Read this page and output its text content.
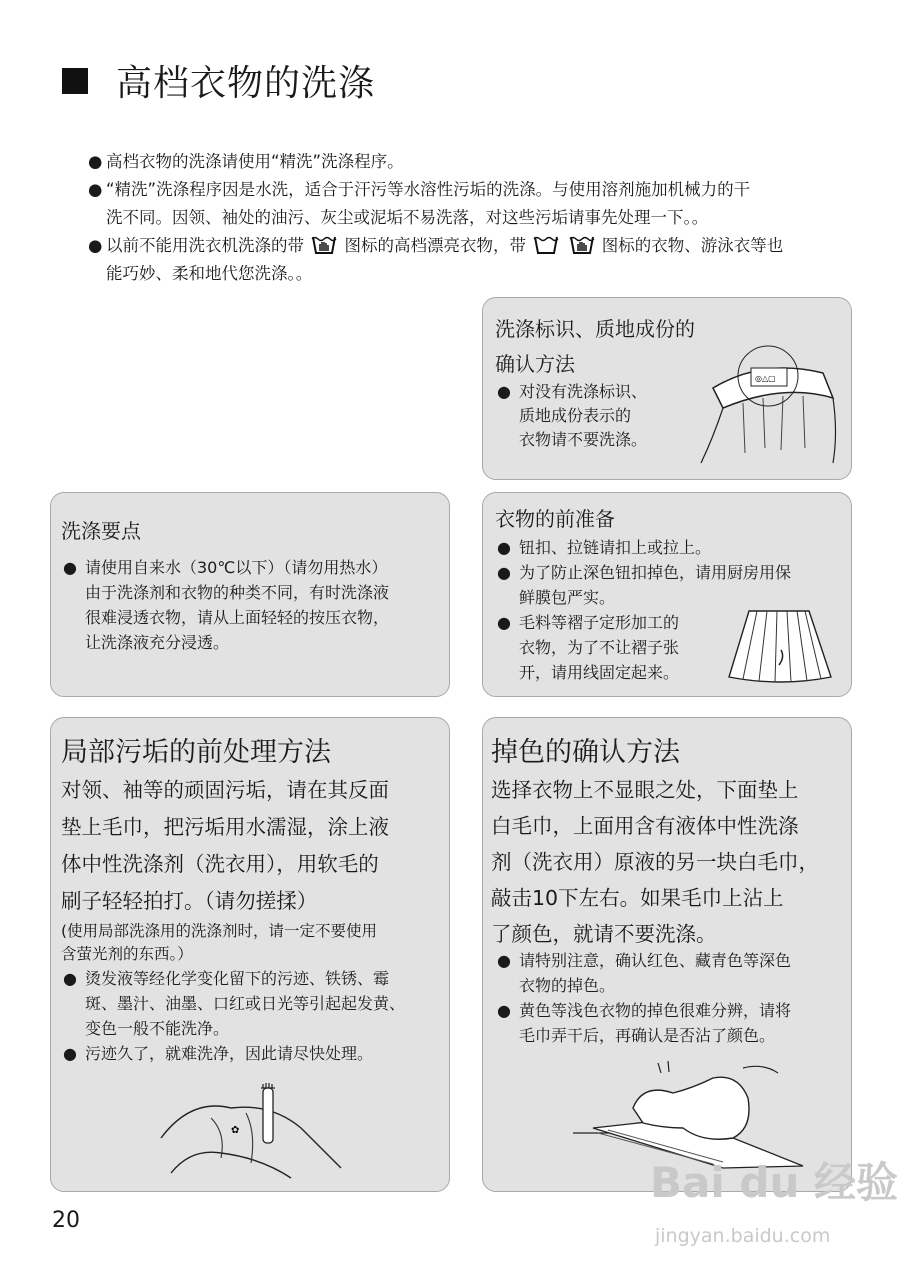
高档衣物的洗涤
● 高档衣物的洗涤请使用“精洗”洗涤程序。
● “精洗”洗涤程序因是水洗，适合于汗污等水溶性污垢的洗涤。与使用溶剂施加机械力的干
洗不同。因领、袖处的油污、灰尘或泥垢不易洗落，对这些污垢请事先处理一下。。
● 以前不能用洗衣机洗涤的带 图标的高档漂亮衣物，带	图标的衣物、游泳衣等也
能巧妙、柔和地代您洗涤。。
洗涤标识、质地成份的
确认方法
● 对没有洗涤标识、
质地成份表示的
衣物请不要洗涤。
◎△▢
洗涤要点
● 请使用自来水（30℃以下）（请勿用热水）
由于洗涤剂和衣物的种类不同，有时洗涤液
很难浸透衣物，请从上面轻轻的按压衣物，
让洗涤液充分浸透。
衣物的前准备
● 钮扣、拉链请扣上或拉上。
● 为了防止深色钮扣掉色，请用厨房用保
鲜膜包严实。
● 毛料等褶子定形加工的
衣物，为了不让褶子张
开，请用线固定起来。
局部污垢的前处理方法
对领、袖等的顽固污垢，请在其反面
垫上毛巾，把污垢用水濡湿，涂上液
体中性洗涤剂（洗衣用），用软毛的
刷子轻轻拍打。（请勿搓揉）
(使用局部洗涤用的洗涤剂时，请一定不要使用
含萤光剂的东西。）
● 烫发液等经化学变化留下的污迹、铁锈、霉
斑、墨汁、油墨、口红或日光等引起起发黄、
变色一般不能洗净。
● 污迹久了，就难洗净，因此请尽快处理。
✿
掉色的确认方法
选择衣物上不显眼之处，下面垫上
白毛巾，上面用含有液体中性洗涤
剂（洗衣用）原液的另一块白毛巾，
敲击10下左右。如果毛巾上沾上
了颜色，就请不要洗涤。
● 请特别注意，确认红色、藏青色等深色
衣物的掉色。
● 黄色等浅色衣物的掉色很难分辨，请将
毛巾弄干后，再确认是否沾了颜色。
20
Bai du 经验
jingyan.baidu.com
